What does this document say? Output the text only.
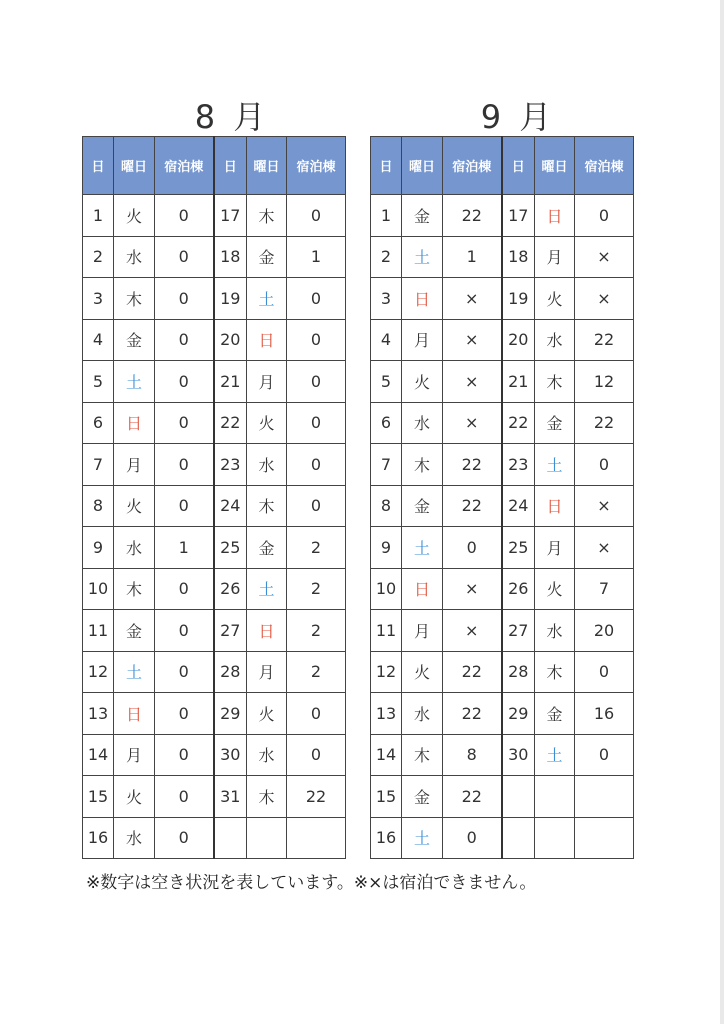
8 月	9 月
日	曜日	宿泊棟	日	曜日	宿泊棟
1	火	0	17	木	0
2	水	0	18	金	1
3	木	0	19	土	0
4	金	0	20	日	0
5	土	0	21	月	0
6	日	0	22	火	0
7	月	0	23	水	0
8	火	0	24	木	0
9	水	1	25	金	2
10	木	0	26	土	2
11	金	0	27	日	2
12	土	0	28	月	2
13	日	0	29	火	0
14	月	0	30	水	0
15	火	0	31	木	22
16	水	0			
日	曜日	宿泊棟	日	曜日	宿泊棟
1	金	22	17	日	0
2	土	1	18	月	×
3	日	×	19	火	×
4	月	×	20	水	22
5	火	×	21	木	12
6	水	×	22	金	22
7	木	22	23	土	0
8	金	22	24	日	×
9	土	0	25	月	×
10	日	×	26	火	7
11	月	×	27	水	20
12	火	22	28	木	0
13	水	22	29	金	16
14	木	8	30	土	0
15	金	22			
16	土	0			
※数字は空き状況を表しています。※×は宿泊できません。
